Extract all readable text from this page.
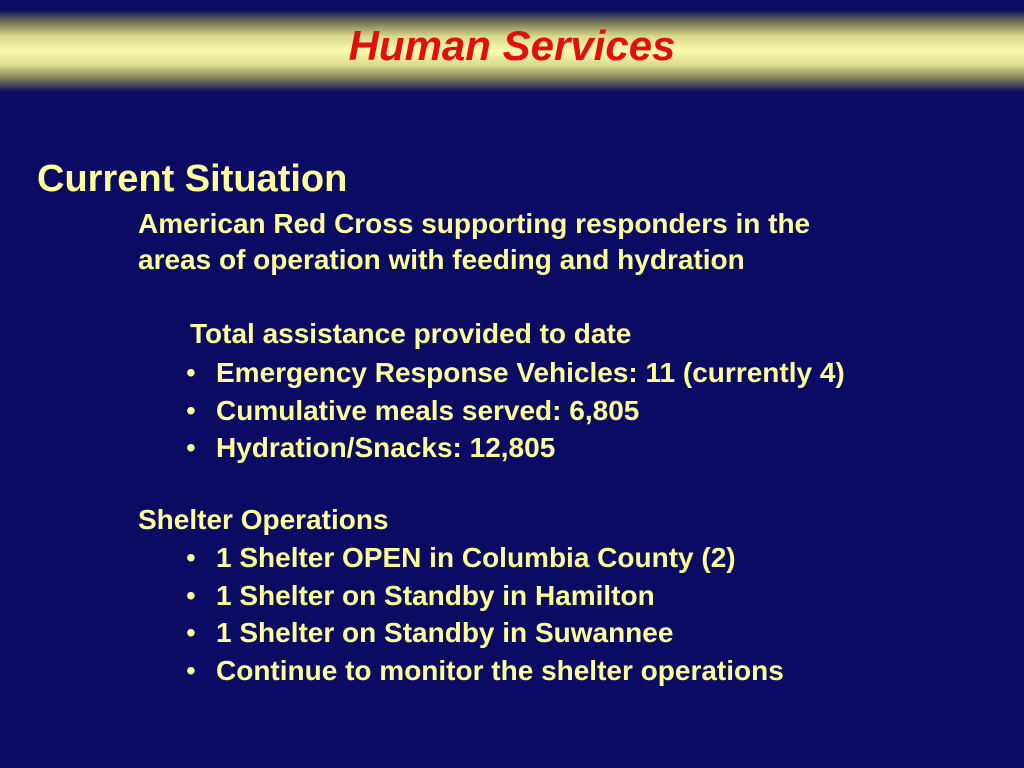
Human Services
Current Situation
American Red Cross supporting responders in the
areas of operation with feeding and hydration
Total assistance provided to date
• Emergency Response Vehicles: 11 (currently 4)
• Cumulative meals served: 6,805
• Hydration/Snacks: 12,805
Shelter Operations
• 1 Shelter OPEN in Columbia County (2)
• 1 Shelter on Standby in Hamilton
• 1 Shelter on Standby in Suwannee
• Continue to monitor the shelter operations
